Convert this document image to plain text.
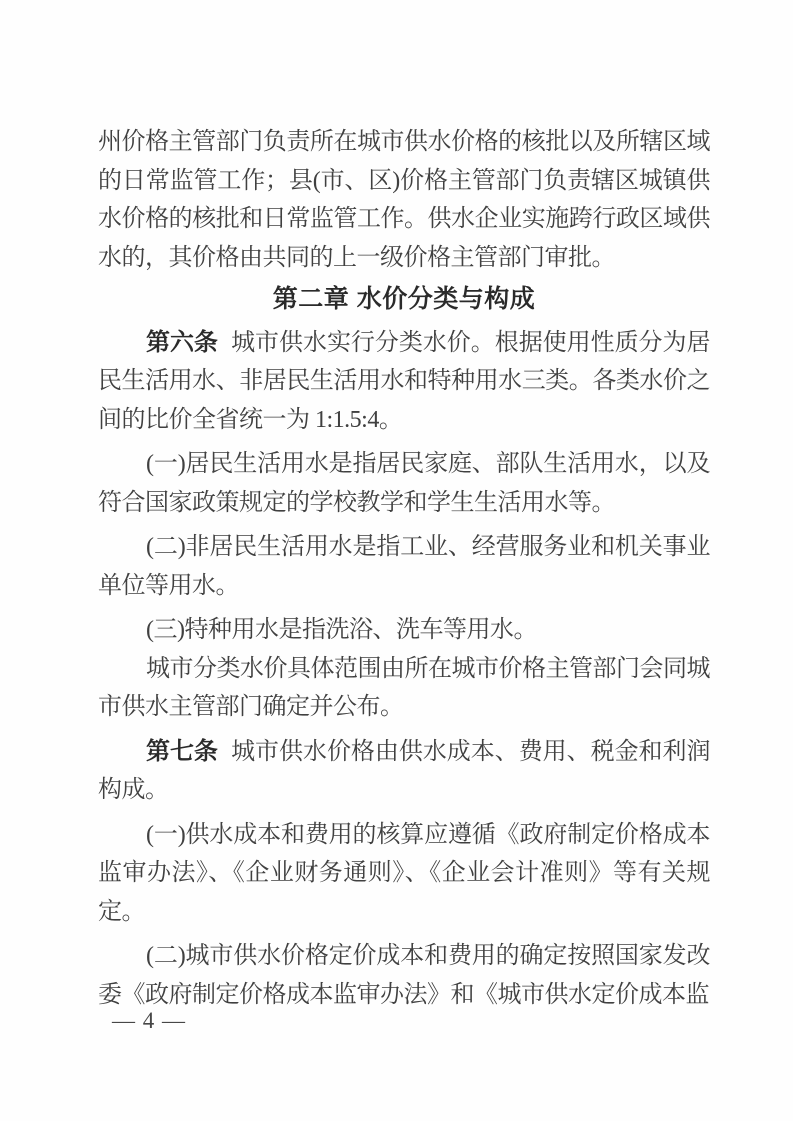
州价格主管部门负责所在城市供水价格的核批以及所辖区域的日常监管工作；县(市、区)价格主管部门负责辖区城镇供水价格的核批和日常监管工作。供水企业实施跨行政区域供水的，其价格由共同的上一级价格主管部门审批。

第二章 水价分类与构成

第六条 城市供水实行分类水价。根据使用性质分为居民生活用水、非居民生活用水和特种用水三类。各类水价之间的比价全省统一为 1:1.5:4。

(一)居民生活用水是指居民家庭、部队生活用水，以及符合国家政策规定的学校教学和学生生活用水等。

(二)非居民生活用水是指工业、经营服务业和机关事业单位等用水。

(三)特种用水是指洗浴、洗车等用水。

城市分类水价具体范围由所在城市价格主管部门会同城市供水主管部门确定并公布。

第七条 城市供水价格由供水成本、费用、税金和利润构成。

(一)供水成本和费用的核算应遵循《政府制定价格成本监审办法》、《企业财务通则》、《企业会计准则》等有关规定。

(二)城市供水价格定价成本和费用的确定按照国家发改委《政府制定价格成本监审办法》和《城市供水定价成本监

— 4 —
